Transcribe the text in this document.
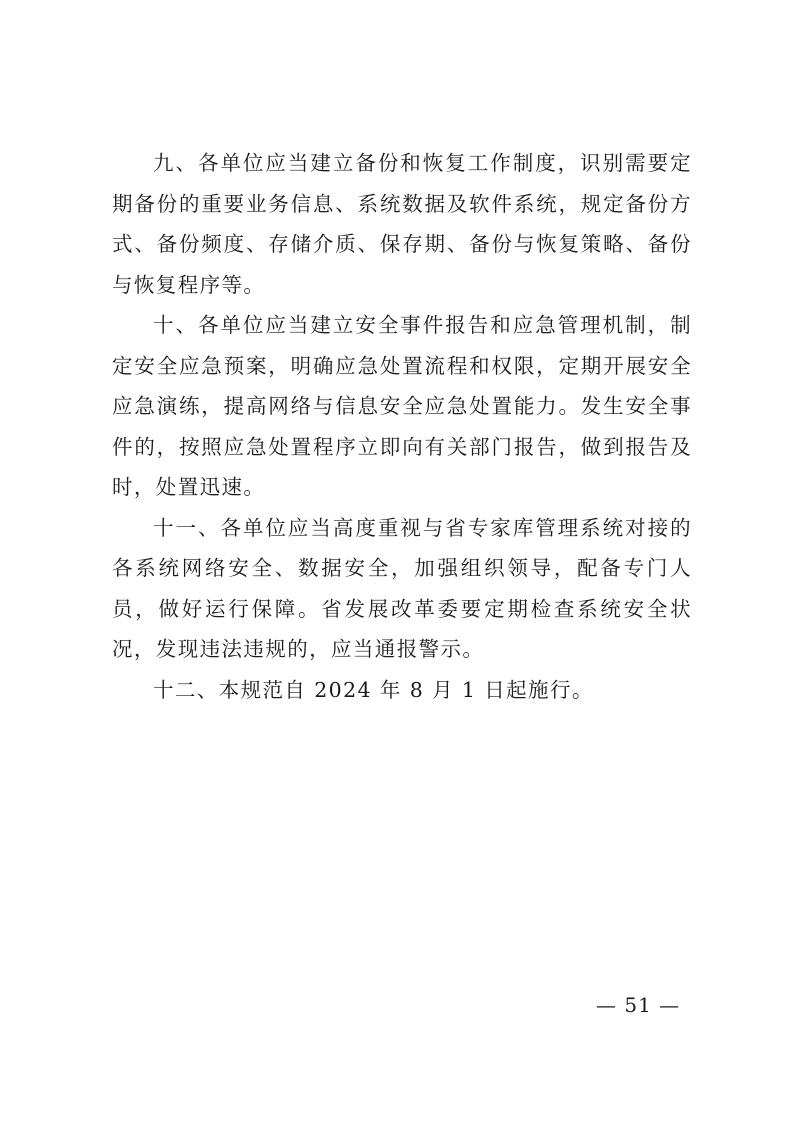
九、各单位应当建立备份和恢复工作制度，识别需要定期备份的重要业务信息、系统数据及软件系统，规定备份方式、备份频度、存储介质、保存期、备份与恢复策略、备份与恢复程序等。

十、各单位应当建立安全事件报告和应急管理机制，制定安全应急预案，明确应急处置流程和权限，定期开展安全应急演练，提高网络与信息安全应急处置能力。发生安全事件的，按照应急处置程序立即向有关部门报告，做到报告及时，处置迅速。

十一、各单位应当高度重视与省专家库管理系统对接的各系统网络安全、数据安全，加强组织领导，配备专门人员，做好运行保障。省发展改革委要定期检查系统安全状况，发现违法违规的，应当通报警示。

十二、本规范自 2024 年 8 月 1 日起施行。

— 51 —
